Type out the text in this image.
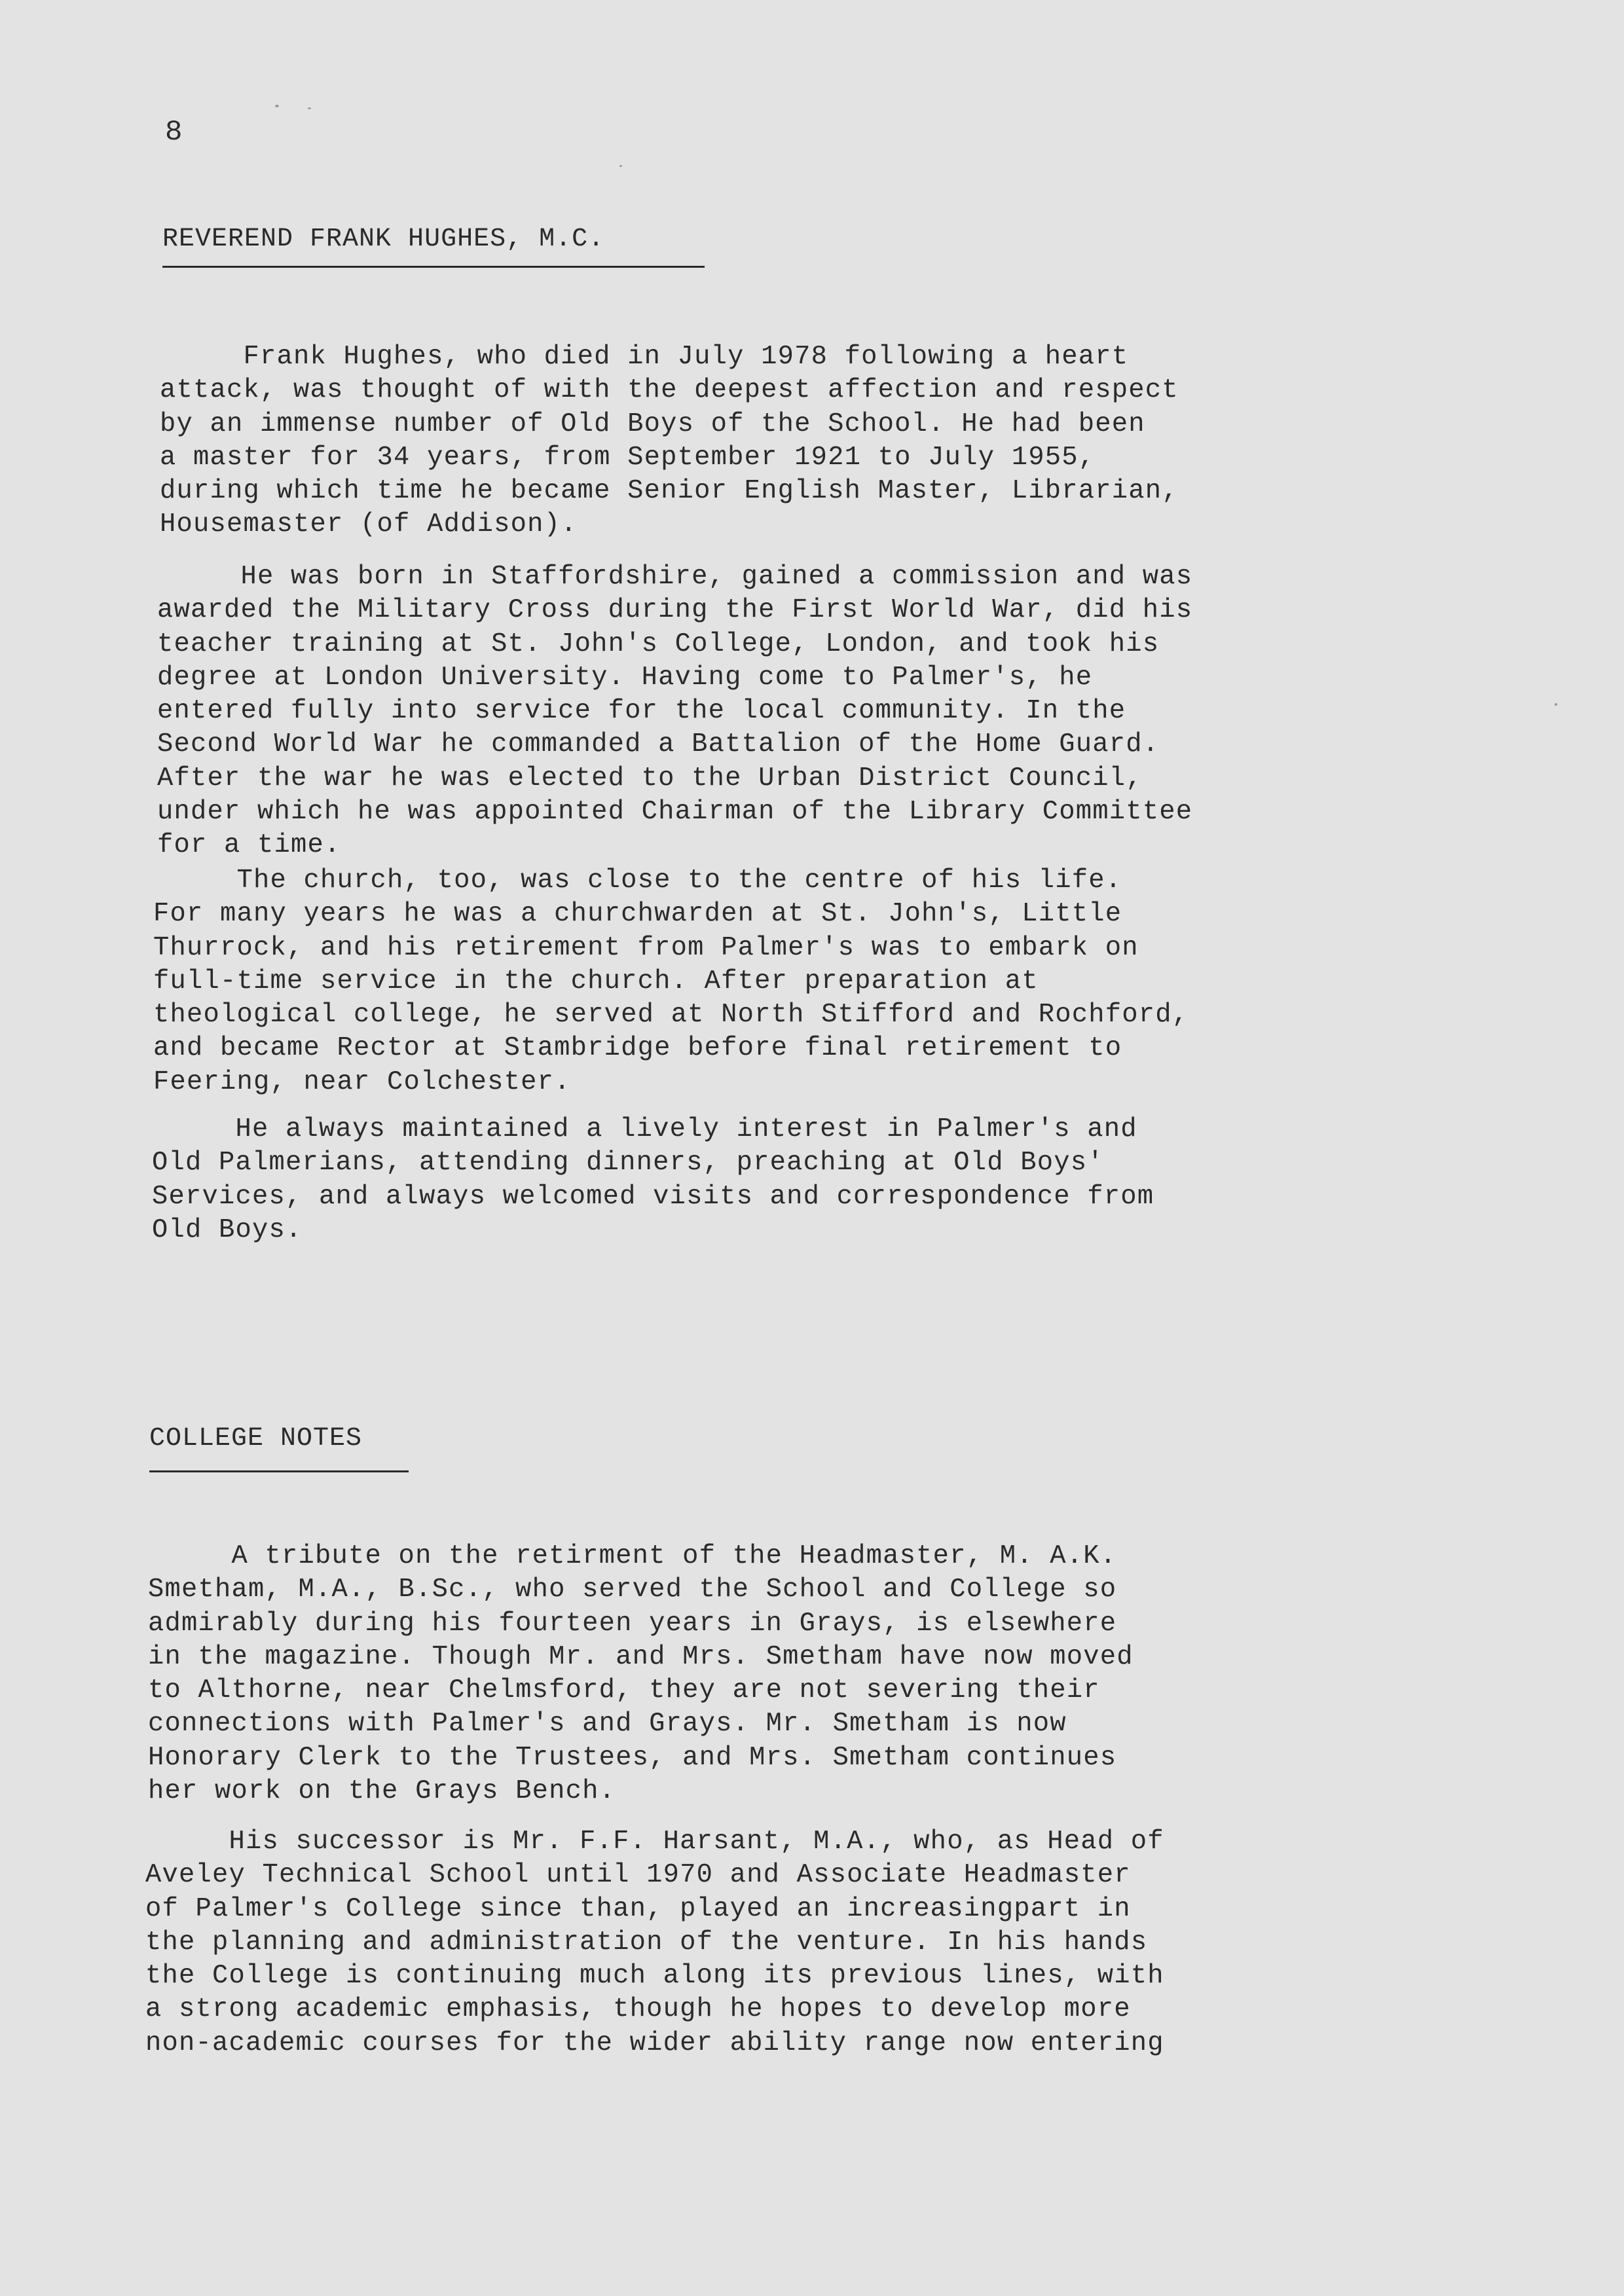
8
REVEREND FRANK HUGHES, M.C.

Frank Hughes, who died in July 1978 following a heart
attack, was thought of with the deepest affection and respect
by an immense number of Old Boys of the School. He had been
a master for 34 years, from September 1921 to July 1955,
during which time he became Senior English Master, Librarian,
Housemaster (of Addison).

He was born in Staffordshire, gained a commission and was
awarded the Military Cross during the First World War, did his
teacher training at St. John's College, London, and took his
degree at London University. Having come to Palmer's, he
entered fully into service for the local community. In the
Second World War he commanded a Battalion of the Home Guard.
After the war he was elected to the Urban District Council,
under which he was appointed Chairman of the Library Committee
for a time.

The church, too, was close to the centre of his life.
For many years he was a churchwarden at St. John's, Little
Thurrock, and his retirement from Palmer's was to embark on
full-time service in the church. After preparation at
theological college, he served at North Stifford and Rochford,
and became Rector at Stambridge before final retirement to
Feering, near Colchester.

He always maintained a lively interest in Palmer's and
Old Palmerians, attending dinners, preaching at Old Boys'
Services, and always welcomed visits and correspondence from
Old Boys.

COLLEGE NOTES

A tribute on the retirment of the Headmaster, M. A.K.
Smetham, M.A., B.Sc., who served the School and College so
admirably during his fourteen years in Grays, is elsewhere
in the magazine. Though Mr. and Mrs. Smetham have now moved
to Althorne, near Chelmsford, they are not severing their
connections with Palmer's and Grays. Mr. Smetham is now
Honorary Clerk to the Trustees, and Mrs. Smetham continues
her work on the Grays Bench.

His successor is Mr. F.F. Harsant, M.A., who, as Head of
Aveley Technical School until 1970 and Associate Headmaster
of Palmer's College since than, played an increasingpart in
the planning and administration of the venture. In his hands
the College is continuing much along its previous lines, with
a strong academic emphasis, though he hopes to develop more
non-academic courses for the wider ability range now entering
